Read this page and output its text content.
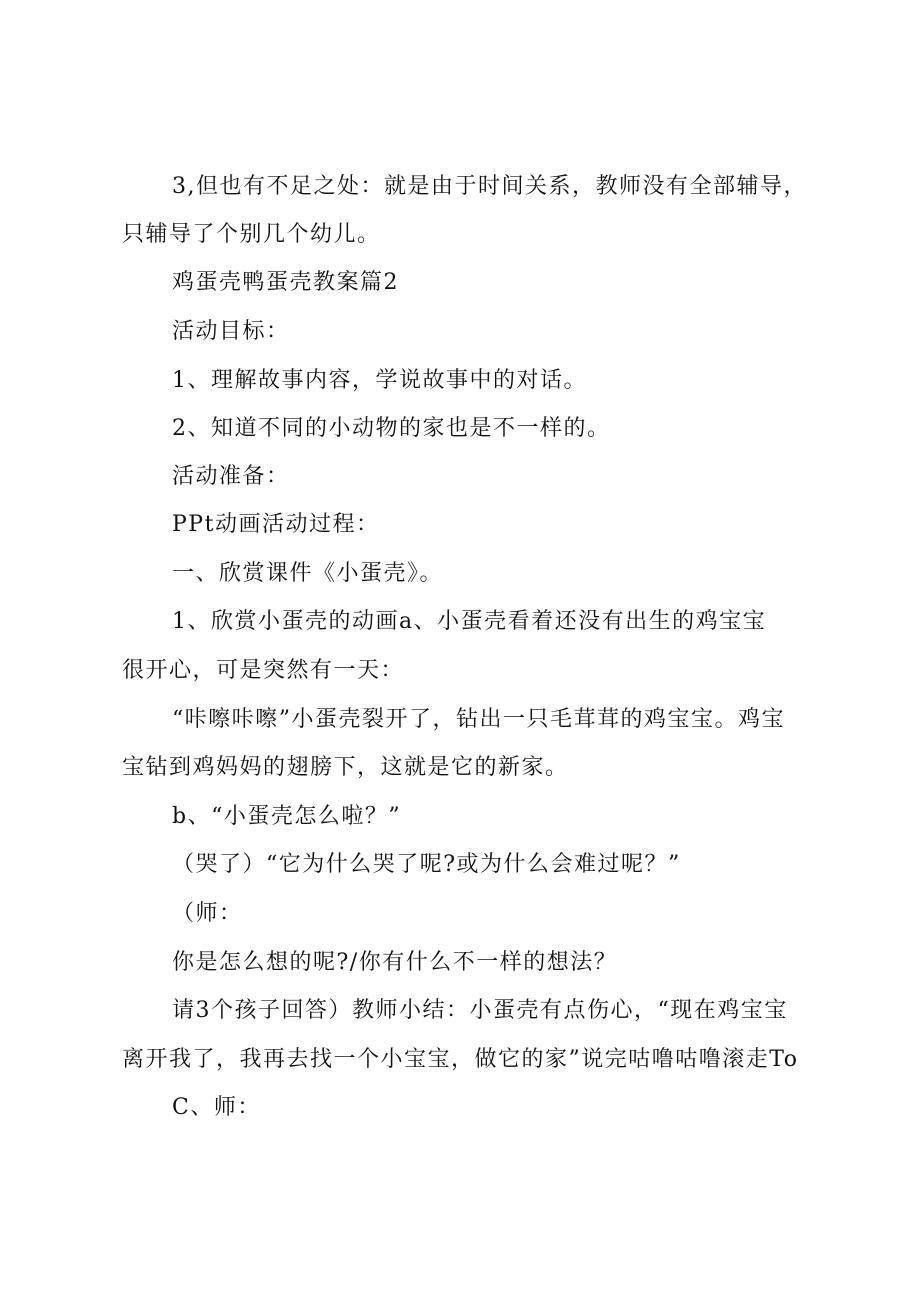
3,但也有不足之处：就是由于时间关系，教师没有全部辅导，
只辅导了个别几个幼儿。
鸡蛋壳鸭蛋壳教案篇2
活动目标：
1、理解故事内容，学说故事中的对话。
2、知道不同的小动物的家也是不一样的。
活动准备：
PPt动画活动过程：
一、欣赏课件《小蛋壳》。
1、欣赏小蛋壳的动画a、小蛋壳看着还没有出生的鸡宝宝
很开心，可是突然有一天：
“咔嚓咔嚓”小蛋壳裂开了，钻出一只毛茸茸的鸡宝宝。鸡宝
宝钻到鸡妈妈的翅膀下，这就是它的新家。
b、“小蛋壳怎么啦？”
（哭了）“它为什么哭了呢?或为什么会难过呢？”
（师：
你是怎么想的呢?/你有什么不一样的想法？
请3个孩子回答）教师小结：小蛋壳有点伤心，“现在鸡宝宝
离开我了，我再去找一个小宝宝，做它的家”说完咕噜咕噜滚走To
C、师：
